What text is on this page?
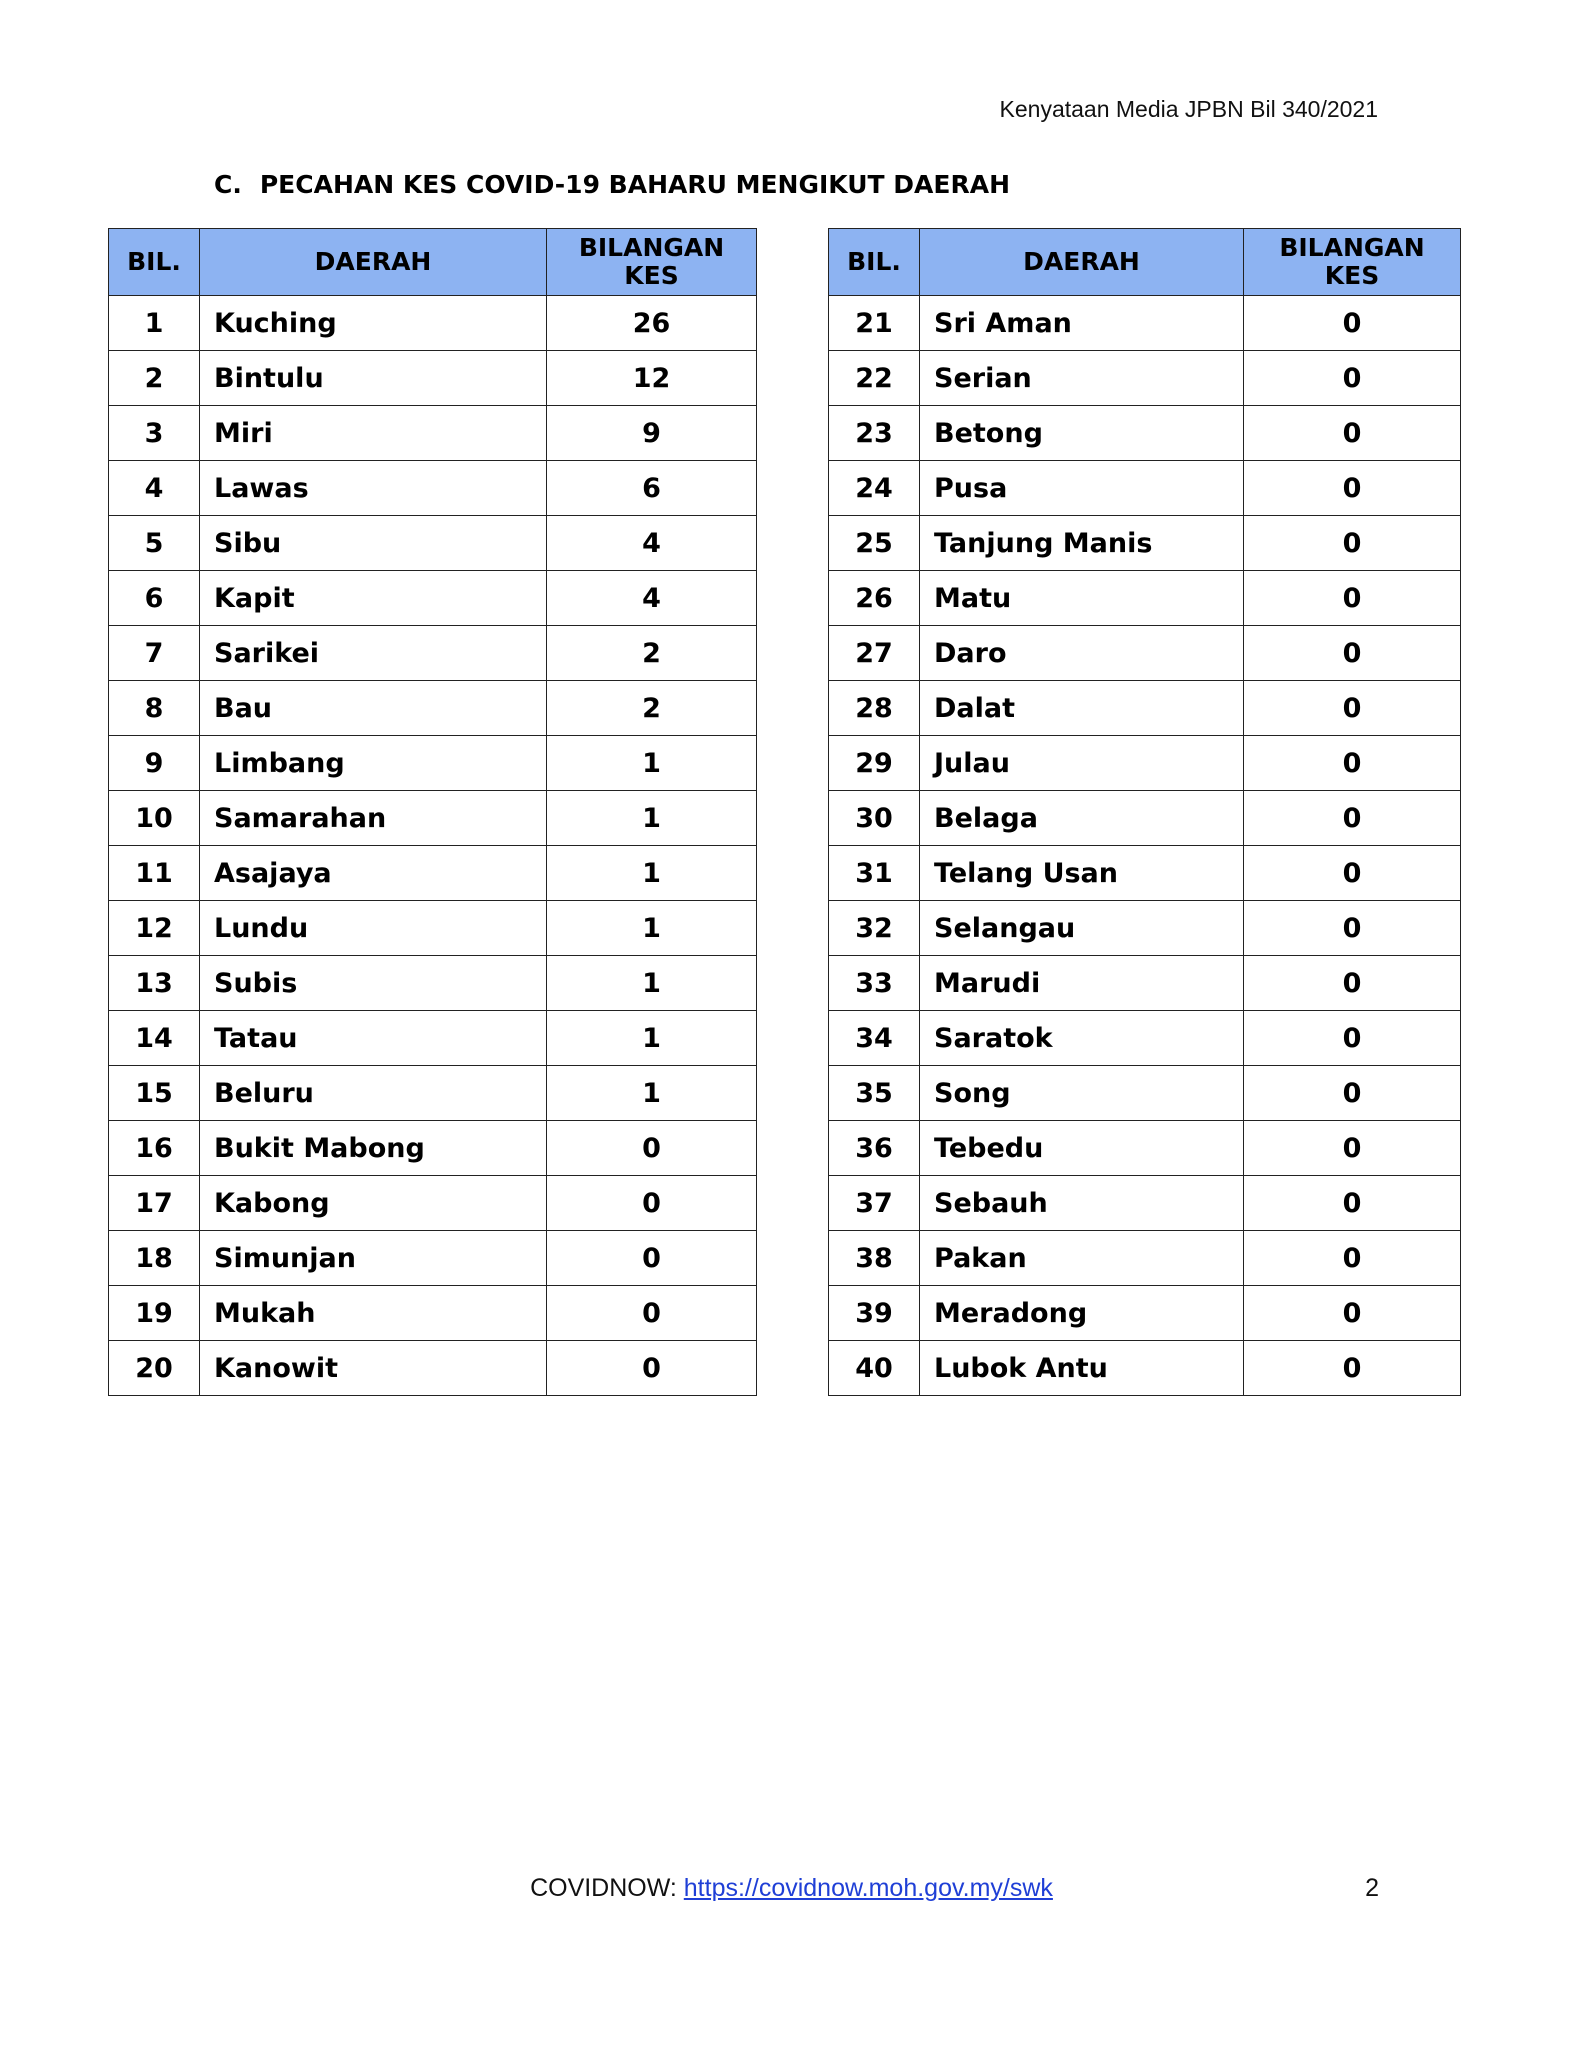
Kenyataan Media JPBN Bil 340/2021
C. PECAHAN KES COVID-19 BAHARU MENGIKUT DAERAH
BIL.	DAERAH	BILANGAN
KES
1	Kuching	26
2	Bintulu	12
3	Miri	9
4	Lawas	6
5	Sibu	4
6	Kapit	4
7	Sarikei	2
8	Bau	2
9	Limbang	1
10	Samarahan	1
11	Asajaya	1
12	Lundu	1
13	Subis	1
14	Tatau	1
15	Beluru	1
16	Bukit Mabong	0
17	Kabong	0
18	Simunjan	0
19	Mukah	0
20	Kanowit	0
BIL.	DAERAH	BILANGAN
KES
21	Sri Aman	0
22	Serian	0
23	Betong	0
24	Pusa	0
25	Tanjung Manis	0
26	Matu	0
27	Daro	0
28	Dalat	0
29	Julau	0
30	Belaga	0
31	Telang Usan	0
32	Selangau	0
33	Marudi	0
34	Saratok	0
35	Song	0
36	Tebedu	0
37	Sebauh	0
38	Pakan	0
39	Meradong	0
40	Lubok Antu	0
COVIDNOW: https://covidnow.moh.gov.my/swk	2
